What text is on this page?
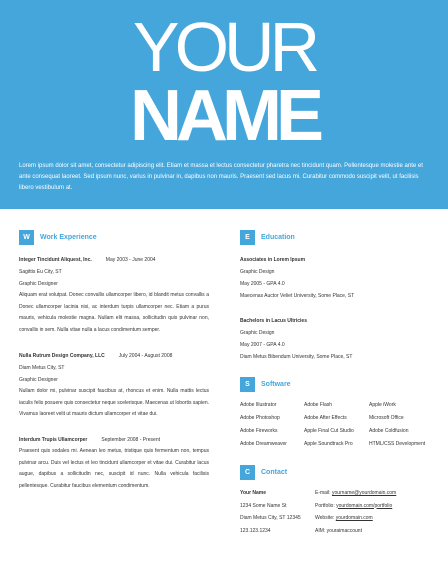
YOUR
NAME
Lorem ipsum dolor sit amet, consectetur adipiscing elit. Etiam et massa et lectus consectetur pharetra nec tincidunt quam. Pellentesque molestie ante et ante consequat laoreet. Sed ipsum nunc, varius in pulvinar in, dapibus non mauris. Praesent sed lacus mi. Curabitur commodo suscipit velit, ut facilisis libero vestibulum at.
W	Work Experience
Integer Tincidunt Aliquest, Inc.	May 2003 - June 2004
Sagittis Eu City, ST
Graphic Designer
Aliquam erat volutpat. Donec convallis ullamcorper libero, id blandit metus convallis a Donec ullamcorper lacinia nisi, ac interdum turpis ullamcorper nec. Etiam a purus mauris, vehicula molestie magna. Nullam elit massa, sollicitudin quis pulvinar non, convallis in sem. Nulla vitae nulla a lacus condimentum semper.
Nulla Rutrum Design Company, LLC	July 2004 - August 2008
Diam Metus City, ST
Graphic Designer
Nullam dolor mi, pulvinar suscipit faucibus at, rhoncus et enim. Nulla mattis lectus iaculis felis posuere quis consectetur neque scelerisque. Maecenas ut lobortis sapien. Vivamus laoreet velit ut mauris dictum ullamcorper et vitae dui.
Interdum Trupis Ullamcorper	September 2008 - Present
Praesent quis sodales mi. Aenean leo metus, tristique quis fermentum non, tempus pulvinar arcu. Duis vel lectus et leo tincidunt ullamcorper et vitae dui. Curabitur lacus augue, dapibus a sollicitudin nec, suscipit id nunc. Nulla vehicula facilisis pellentesque. Curabitur faucibus elementum condimentum.
E	Education
Associates in Lorem Ipsum
Graphic Design
May 2005 - GPA 4.0
Maecenas Auctor Veliet University, Some Place, ST
Bachelors in Lacus Ultricies
Graphic Design
May 2007 - GPA 4.0
Diam Metus Bibendum University, Some Place, ST
S	Software
Adobe Illustrator	Adobe Flash	Apple iWork
Adobe Photoshop	Adobe After Effects	Microsoft Office
Adobe Fireworks	Apple Final Cut Studio	Adobe Coldfusion
Adobe Dreamweaver	Apple Soundtrack Pro	HTML/CSS Development
C	Contact
Your Name	E-mail: yourname@yourdomain.com
1234 Some Name St	Portfolio: yourdomain.com/portfolio
Diam Metus City, ST 12345	Website: yourdomain.com
123.123.1234	AIM: youraimaccount
